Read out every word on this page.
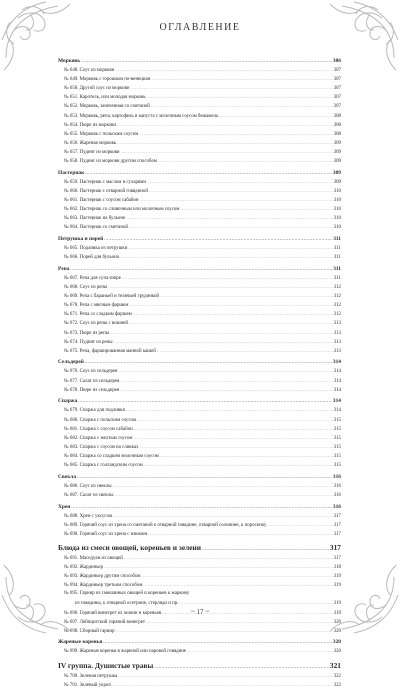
ОГЛАВЛЕНИЕ
Морковь .....	306
№ 648. Соус из моркови .....	307
№ 649. Морковь с горошком по-венециан .....	307
№ 650. Другой соус из моркови .....	307
№ 651. Каротель, или молодая морковь .....	307
№ 652. Морковь, запеченная со сметаной .....	307
№ 653. Морковь, репа, картофель и капуста с молочным соусом бешамель .....	308
№ 654. Пюре из моркови .....	308
№ 655. Морковь с польским соусом .....	308
№ 656. Жареная морковь .....	309
№ 657. Пудинг из моркови .....	309
№ 658. Пудинг из моркови другим способом .....	309
Пастернак .....	309
№ 659. Пастернак с маслом и сухарями .....	309
№ 660. Пастернак с отварной говядиной .....	310
№ 661. Пастернак с соусом сабайон .....	310
№ 662. Пастернак со сливочным или молочным соусом .....	310
№ 663. Пастернак на бульоне .....	310
№ 664. Пастернак со сметаной .....	310
Петрушка и порей .....	311
№ 665. Подливка из петрушки .....	311
№ 666. Порей для бульона .....	311
Репа .....	311
№ 667. Репа для супа-пюре .....	311
№ 668. Соус из репы .....	312
№ 669. Репа с бараньей и телячьей грудинкой .....	312
№ 670. Репа с мясным фаршем .....	312
№ 671. Репа со сладким фаршем .....	312
№ 672. Соус из репы с вишней .....	313
№ 673. Пюре из репы .....	313
№ 674. Пудинг из репы .....	313
№ 675. Репа, фаршированная манной кашей .....	313
Сельдерей .....	314
№ 676. Соус из сельдерея .....	314
№ 677. Салат из сельдерея .....	314
№ 678. Пюре из сельдерея .....	314
Спаржа .....	314
№ 679. Спаржа для подливки .....	314
№ 680. Спаржа с польским соусом .....	315
№ 681. Спаржа с соусом сабайон .....	315
№ 682. Спаржа с желтым соусом .....	315
№ 683. Спаржа с соусом на сливках .....	315
№ 684. Спаржа со сладким молочным соусом .....	315
№ 685. Спаржа с голландским соусом .....	315
Свекла .....	316
№ 686. Соус из свеклы .....	316
№ 687. Салат из свеклы .....	316
Хрен .....	316
№ 688. Хрен с уксусом .....	317
№ 689. Горячий соус из хрена со сметаной к отварной говядине, отварной солонине, к поросенку .....	317
№ 690. Горячий соус из хрена с изюмом .....	317
Блюда из смеси овощей, кореньев и зелени .....	317
№ 691. Маседуан из овощей .....	317
№ 692. Жардиньер .....	318
№ 693. Жардиньер другим способом .....	319
№ 694. Жардиньер третьим способом .....	319
№ 695. Гарнир из смешанных овощей и кореньев к жаркому
из говядины, к отварной осетрине, стерляди и пр. .....	319
№ 696. Горячий винегрет из зелени и кореньев .....	319
№ 697. Лейпцигский горячий винегрет .....	320
№ 698. Сборный гарнир .....	320
Жареные коренья .....	320
№ 699. Жареные коренья в жареной или паровой говядине .....	320
IV группа. Душистые травы .....	321
№ 700. Зеленая петрушка .....	322
№ 701. Зеленый укроп .....	322
~ 17 ~
